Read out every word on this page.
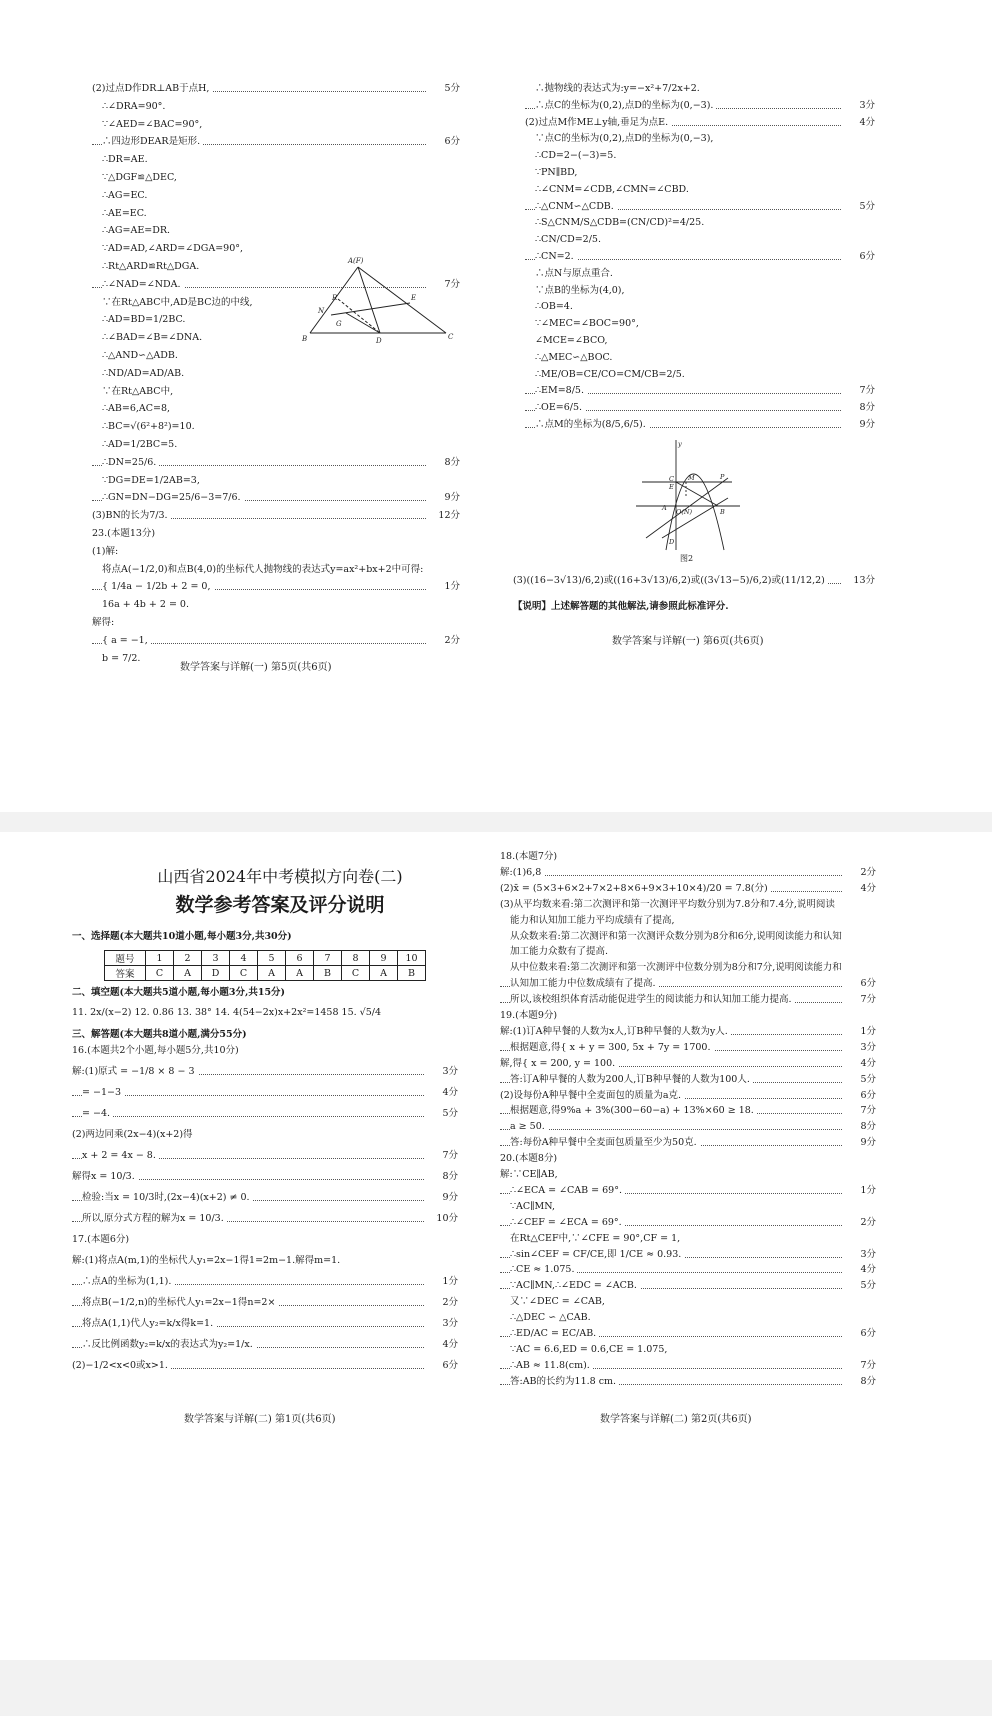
(2)过点D作DR⊥AB于点H,	5分
∴∠DRA=90°.
∵∠AED=∠BAC=90°,
∴四边形DEAR是矩形.	6分
∴DR=AE.
∵△DGF≌△DEC,
∴AG=EC.
∴AE=EC.
∴AG=AE=DR.
∵AD=AD,∠ARD=∠DGA=90°,
∴Rt△ARD≌Rt△DGA.
∴∠NAD=∠NDA.	7分
∵在Rt△ABC中,AD是BC边的中线,
∴AD=BD=1/2BC.
∴∠BAD=∠B=∠DNA.
∴△AND∽△ADB.
∴ND/AD=AD/AB.
∵在Rt△ABC中,
∴AB=6,AC=8,
∴BC=√(6²+8²)=10.
∴AD=1/2BC=5.
∴DN=25/6.	8分
∵DG=DE=1/2AB=3,
∴GN=DN−DG=25/6−3=7/6.	9分
(3)BN的长为7/3.	12分
23.(本题13分)
(1)解:
将点A(−1/2,0)和点B(4,0)的坐标代人抛物线的表达式y=ax²+bx+2中可得:
{ 1/4a − 1/2b + 2 = 0,	1分
16a + 4b + 2 = 0.
解得:
{ a = −1,	2分
b = 7/2.
A(F)
R
N
G
E
B	D	C
数学答案与详解(一) 第5页(共6页)
∴抛物线的表达式为:y=−x²+7/2x+2.
∴点C的坐标为(0,2),点D的坐标为(0,−3).	3分
(2)过点M作ME⊥y轴,垂足为点E.	4分
∵点C的坐标为(0,2),点D的坐标为(0,−3),
∴CD=2−(−3)=5.
∵PN∥BD,
∴∠CNM=∠CDB,∠CMN=∠CBD.
∴△CNM∽△CDB.	5分
∴S△CNM/S△CDB=(CN/CD)²=4/25.
∴CN/CD=2/5.
∴CN=2.	6分
∴点N与原点重合.
∵点B的坐标为(4,0),
∴OB=4.
∵∠MEC=∠BOC=90°,
∠MCE=∠BCO,
∴△MEC∽△BOC.
∴ME/OB=CE/CO=CM/CB=2/5.
∴EM=8/5.	7分
∴OE=6/5.	8分
∴点M的坐标为(8/5,6/5).	9分
y
C
E
M	P
A O(N)	B
D
图2
(3)((16−3√13)/6,2)或((16+3√13)/6,2)或((3√13−5)/6,2)或(11/12,2)	13分
【说明】上述解答题的其他解法,请参照此标准评分.
数学答案与详解(一) 第6页(共6页)
山西省2024年中考模拟方向卷(二)
数学参考答案及评分说明
一、选择题(本大题共10道小题,每小题3分,共30分)
题号	1	2	3	4	5	6	7	8	9	10
答案	C	A	D	C	A	A	B	C	A	B
二、填空题(本大题共5道小题,每小题3分,共15分)
11. 2x/(x−2) 12. 0.86 13. 38° 14. 4(54−2x)x+2x²=1458 15. √5/4
三、解答题(本大题共8道小题,满分55分)
16.(本题共2个小题,每小题5分,共10分)
解:(1)原式 = −1/8 × 8 − 3	3分
= −1−3	4分
= −4.	5分
(2)两边同乘(2x−4)(x+2)得
x + 2 = 4x − 8.	7分
解得x = 10/3.	8分
检验:当x = 10/3时,(2x−4)(x+2) ≠ 0.	9分
所以,原分式方程的解为x = 10/3.	10分
17.(本题6分)
解:(1)将点A(m,1)的坐标代人y₁=2x−1得1=2m−1.解得m=1.
∴点A的坐标为(1,1).	1分
将点B(−1/2,n)的坐标代人y₁=2x−1得n=2×	2分
将点A(1,1)代人y₂=k/x得k=1.	3分
∴反比例函数y₂=k/x的表达式为y₂=1/x.	4分
(2)−1/2<x<0或x>1.	6分
数学答案与详解(二) 第1页(共6页)
18.(本题7分)
解:(1)6,8	2分
(2)x̄ = (5×3+6×2+7×2+8×6+9×3+10×4)/20 = 7.8(分)	4分
(3)从平均数来看:第二次测评和第一次测评平均数分别为7.8分和7.4分,说明阅读
能力和认知加工能力平均成绩有了提高,
从众数来看:第二次测评和第一次测评众数分别为8分和6分,说明阅读能力和认知
加工能力众数有了提高.
从中位数来看:第二次测评和第一次测评中位数分别为8分和7分,说明阅读能力和
认知加工能力中位数成绩有了提高.	6分
所以,该校组织体育活动能促进学生的阅读能力和认知加工能力提高.	7分
19.(本题9分)
解:(1)订A种早餐的人数为x人,订B种早餐的人数为y人.	1分
根据题意,得{ x + y = 300, 5x + 7y = 1700.	3分
解,得{ x = 200, y = 100.	4分
答:订A种早餐的人数为200人,订B种早餐的人数为100人.	5分
(2)设每份A种早餐中全麦面包的质量为a克.	6分
根据题意,得9%a + 3%(300−60−a) + 13%×60 ≥ 18.	7分
a ≥ 50.	8分
答:每份A种早餐中全麦面包质量至少为50克.	9分
20.(本题8分)
解:∵CE∥AB,
∴∠ECA = ∠CAB = 69°.	1分
∵AC∥MN,
∴∠CEF = ∠ECA = 69°.	2分
在Rt△CEF中,∵∠CFE = 90°,CF = 1,
∴sin∠CEF = CF/CE,即 1/CE ≈ 0.93.	3分
∴CE ≈ 1.075.	4分
∵AC∥MN,∴∠EDC = ∠ACB.	5分
又∵∠DEC = ∠CAB,
∴△DEC ∽ △CAB.
∴ED/AC = EC/AB.	6分
∵AC = 6.6,ED = 0.6,CE = 1.075,
∴AB ≈ 11.8(cm).	7分
答:AB的长约为11.8 cm.	8分
数学答案与详解(二) 第2页(共6页)
